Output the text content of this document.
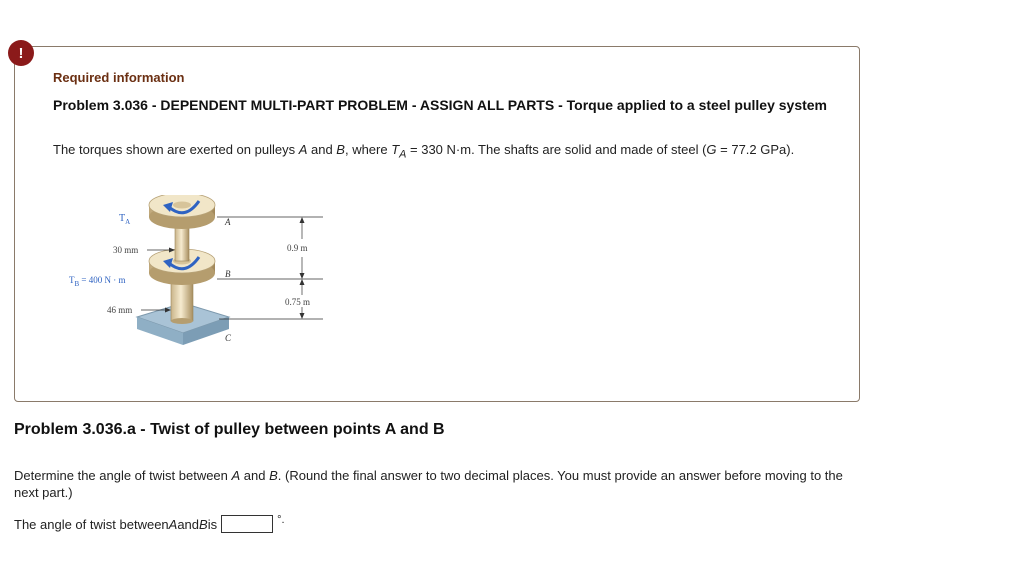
!
Required information
Problem 3.036 - DEPENDENT MULTI-PART PROBLEM - ASSIGN ALL PARTS - Torque applied to a steel pulley system
The torques shown are exerted on pulleys A and B, where $T_A = 330$ N·m. The shafts are solid and made of steel (G = 77.2 GPa).
$T_A$
30 mm
$T_B = 400$ N · m
46 mm
A
B
C
0.9 m
0.75 m
Problem 3.036.a - Twist of pulley between points A and B
Determine the angle of twist between A and B. (Round the final answer to two decimal places. You must provide an answer before moving to the next part.)
The angle of twist between A and B is	°.
